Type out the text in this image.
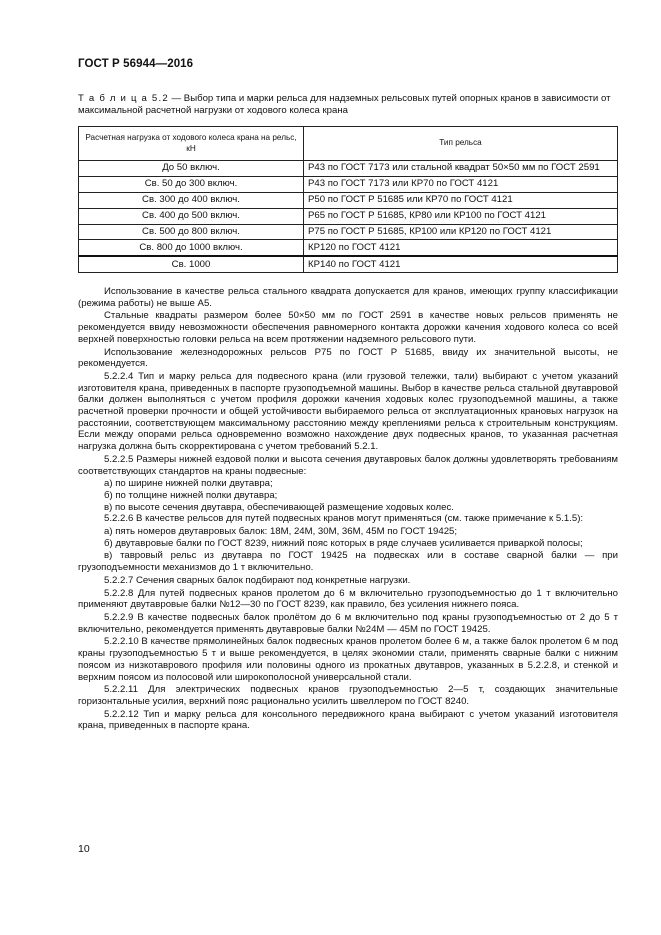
ГОСТ Р 56944—2016
Т а б л и ц а 5.2 — Выбор типа и марки рельса для надземных рельсовых путей опорных кранов в зависимости от максимальной расчетной нагрузки от ходового колеса крана
Расчетная нагрузка от ходового колеса крана на рельс, кН	Тип рельса
До 50 включ.	Р43 по ГОСТ 7173 или стальной квадрат 50×50 мм по ГОСТ 2591
Св. 50 до 300 включ.	Р43 по ГОСТ 7173 или КР70 по ГОСТ 4121
Св. 300 до 400 включ.	Р50 по ГОСТ Р 51685 или КР70 по ГОСТ 4121
Св. 400 до 500 включ.	Р65 по ГОСТ Р 51685, КР80 или КР100 по ГОСТ 4121
Св. 500 до 800 включ.	Р75 по ГОСТ Р 51685, КР100 или КР120 по ГОСТ 4121
Св. 800 до 1000 включ.	КР120 по ГОСТ 4121
Св. 1000	КР140 по ГОСТ 4121

Использование в качестве рельса стального квадрата допускается для кранов, имеющих группу классификации (режима работы) не выше А5.

Стальные квадраты размером более 50×50 мм по ГОСТ 2591 в качестве новых рельсов применять не рекомендуется ввиду невозможности обеспечения равномерного контакта дорожки качения ходового колеса со всей верхней поверхностью головки рельса на всем протяжении надземного рельсового пути.

Использование железнодорожных рельсов Р75 по ГОСТ Р 51685, ввиду их значительной высоты, не рекомендуется.

5.2.2.4 Тип и марку рельса для подвесного крана (или грузовой тележки, тали) выбирают с учетом указаний изготовителя крана, приведенных в паспорте грузоподъемной машины. Выбор в качестве рельса стальной двутавровой балки должен выполняться с учетом профиля дорожки качения ходовых колес грузоподъемной машины, а также расчетной проверки прочности и общей устойчивости выбираемого рельса от эксплуатационных крановых нагрузок на расстоянии, соответствующем максимальному расстоянию между креплениями рельса к строительным конструкциям. Если между опорами рельса одновременно возможно нахождение двух подвесных кранов, то указанная расчетная нагрузка должна быть скорректирована с учетом требований 5.2.1.

5.2.2.5 Размеры нижней ездовой полки и высота сечения двутавровых балок должны удовлетворять требованиям соответствующих стандартов на краны подвесные:

а) по ширине нижней полки двутавра;

б) по толщине нижней полки двутавра;

в) по высоте сечения двутавра, обеспечивающей размещение ходовых колес.

5.2.2.6 В качестве рельсов для путей подвесных кранов могут применяться (см. также примечание к 5.1.5):

а) пять номеров двутавровых балок: 18М, 24М, 30М, 36М, 45М по ГОСТ 19425;

б) двутавровые балки по ГОСТ 8239, нижний пояс которых в ряде случаев усиливается приваркой полосы;

в) тавровый рельс из двутавра по ГОСТ 19425 на подвесках или в составе сварной балки — при грузоподъемности механизмов до 1 т включительно.

5.2.2.7 Сечения сварных балок подбирают под конкретные нагрузки.

5.2.2.8 Для путей подвесных кранов пролетом до 6 м включительно грузоподъемностью до 1 т включительно применяют двутавровые балки №12—30 по ГОСТ 8239, как правило, без усиления нижнего пояса.

5.2.2.9 В качестве подвесных балок пролётом до 6 м включительно под краны грузоподъемностью от 2 до 5 т включительно, рекомендуется применять двутавровые балки №24М — 45М по ГОСТ 19425.

5.2.2.10 В качестве прямолинейных балок подвесных кранов пролетом более 6 м, а также балок пролетом 6 м под краны грузоподъемностью 5 т и выше рекомендуется, в целях экономии стали, применять сварные балки с нижним поясом из низкотаврового профиля или половины одного из прокатных двутавров, указанных в 5.2.2.8, и стенкой и верхним поясом из полосовой или широкополосной универсальной стали.

5.2.2.11 Для электрических подвесных кранов грузоподъемностью 2—5 т, создающих значительные горизонтальные усилия, верхний пояс рационально усилить швеллером по ГОСТ 8240.

5.2.2.12 Тип и марку рельса для консольного передвижного крана выбирают с учетом указаний изготовителя крана, приведенных в паспорте крана.

10
